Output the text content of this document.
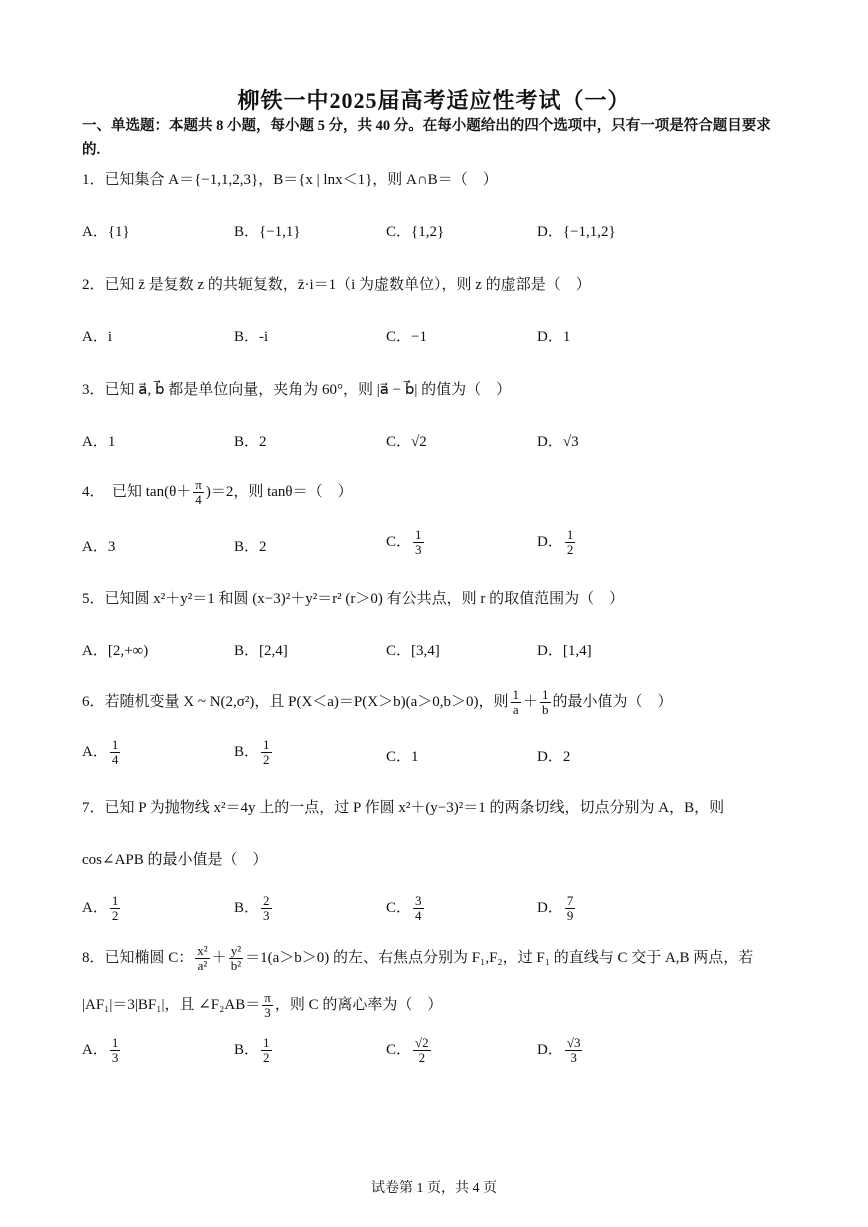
柳铁一中2025届高考适应性考试（一）
一、单选题：本题共 8 小题，每小题 5 分，共 40 分。在每小题给出的四个选项中，只有一项是符合题目要求的.
1．已知集合 A＝{−1,1,2,3}，B＝{x | lnx＜1}，则 A∩B＝（　）
A．{1}	B．{−1,1}	C．{1,2}	D．{−1,1,2}
2．已知 z̄ 是复数 z 的共轭复数，z̄·i＝1（i 为虚数单位），则 z 的虚部是（　）
A．i	B．-i	C．−1	D．1
3．已知 a⃗, b⃗ 都是单位向量，夹角为 60°，则 |a⃗ − b⃗| 的值为（　）
A．1	B．2	C．√2	D．√3
4．　已知 $\tan(\theta+ \frac{\pi}{4} )=2$，则 tanθ＝（　）
A．3	B．2	C． $\frac{1}{3}$	D． $\frac{1}{2}$
5．已知圆 x²＋y²＝1 和圆 (x−3)²＋y²＝r² (r＞0) 有公共点，则 r 的取值范围为（　）
A．[2,+∞)	B．[2,4]	C．[3,4]	D．[1,4]
6．若随机变量 X ~ N(2,σ²)，且 P(X＜a)＝P(X＞b)(a＞0,b＞0)，则 $\frac{1}{a} + \frac{1}{b}$ 的最小值为（　）
A． $\frac{1}{4}$	B． $\frac{1}{2}$	C．1	D．2
7．已知 P 为抛物线 x²＝4y 上的一点，过 P 作圆 x²＋(y−3)²＝1 的两条切线，切点分别为 A，B，则
cos∠APB 的最小值是（　）
A． $\frac{1}{2}$	B． $\frac{2}{3}$	C． $\frac{3}{4}$	D． $\frac{7}{9}$
8．已知椭圆 C： $\frac{\text{x²}}{\text{a²}} + \frac{\text{y²}}{\text{b²}} =1(a>b>0)$ 的左、右焦点分别为 F₁,F₂，过 F₁ 的直线与 C 交于 A,B 两点，若
|AF₁|＝3|BF₁|，且 ∠F₂AB＝ $\frac{\pi}{3}$ ，则 C 的离心率为（　）
A． $\frac{1}{3}$	B． $\frac{1}{2}$	C． $\frac{√2}{2}$	D． $\frac{√3}{3}$
试卷第 1 页，共 4 页
